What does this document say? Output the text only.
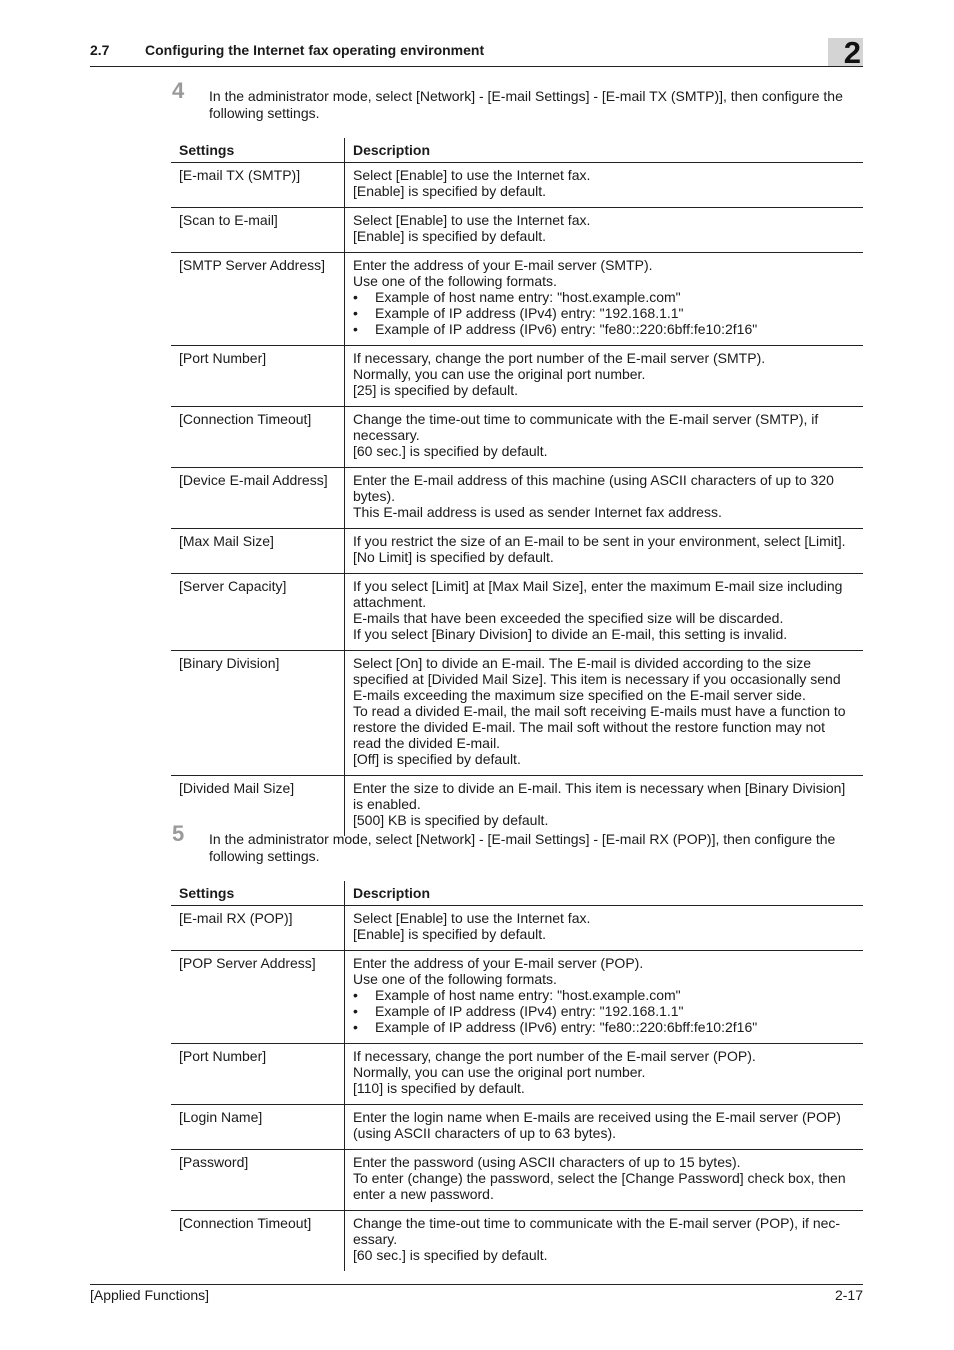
2.7	Configuring the Internet fax operating environment	2
4 In the administrator mode, select [Network] - [E-mail Settings] - [E-mail TX (SMTP)], then configure the following settings.
Settings	Description
[E-mail TX (SMTP)]	Select [Enable] to use the Internet fax.
[Enable] is specified by default.

[Scan to E-mail]	Select [Enable] to use the Internet fax.
[Enable] is specified by default.

[SMTP Server Address]	Enter the address of your E-mail server (SMTP).
Use one of the following formats.
• Example of host name entry: "host.example.com"
• Example of IP address (IPv4) entry: "192.168.1.1"
• Example of IP address (IPv6) entry: "fe80::220:6bff:fe10:2f16"

[Port Number]	If necessary, change the port number of the E-mail server (SMTP).
Normally, you can use the original port number.
[25] is specified by default.

[Connection Timeout]	Change the time-out time to communicate with the E-mail server (SMTP), if necessary.
[60 sec.] is specified by default.

[Device E-mail Address]	Enter the E-mail address of this machine (using ASCII characters of up to 320 bytes).
This E-mail address is used as sender Internet fax address.

[Max Mail Size]	If you restrict the size of an E-mail to be sent in your environment, select [Limit].
[No Limit] is specified by default.

[Server Capacity]	If you select [Limit] at [Max Mail Size], enter the maximum E-mail size including attachment.
E-mails that have been exceeded the specified size will be discarded.
If you select [Binary Division] to divide an E-mail, this setting is invalid.

[Binary Division]	Select [On] to divide an E-mail. The E-mail is divided according to the size specified at [Divided Mail Size]. This item is necessary if you occasionally send E-mails exceeding the maximum size specified on the E-mail server side.
To read a divided E-mail, the mail soft receiving E-mails must have a function to restore the divided E-mail. The mail soft without the restore function may not read the divided E-mail.
[Off] is specified by default.

[Divided Mail Size]	Enter the size to divide an E-mail. This item is necessary when [Binary Division] is enabled.
[500] KB is specified by default.
5 In the administrator mode, select [Network] - [E-mail Settings] - [E-mail RX (POP)], then configure the following settings.
Settings	Description
[E-mail RX (POP)]	Select [Enable] to use the Internet fax.
[Enable] is specified by default.

[POP Server Address]	Enter the address of your E-mail server (POP).
Use one of the following formats.
• Example of host name entry: "host.example.com"
• Example of IP address (IPv4) entry: "192.168.1.1"
• Example of IP address (IPv6) entry: "fe80::220:6bff:fe10:2f16"

[Port Number]	If necessary, change the port number of the E-mail server (POP).
Normally, you can use the original port number.
[110] is specified by default.

[Login Name]	Enter the login name when E-mails are received using the E-mail server (POP) (using ASCII characters of up to 63 bytes).

[Password]	Enter the password (using ASCII characters of up to 15 bytes).
To enter (change) the password, select the [Change Password] check box, then enter a new password.

[Connection Timeout]	Change the time-out time to communicate with the E-mail server (POP), if nec-essary.
[60 sec.] is specified by default.
[Applied Functions]	2-17
